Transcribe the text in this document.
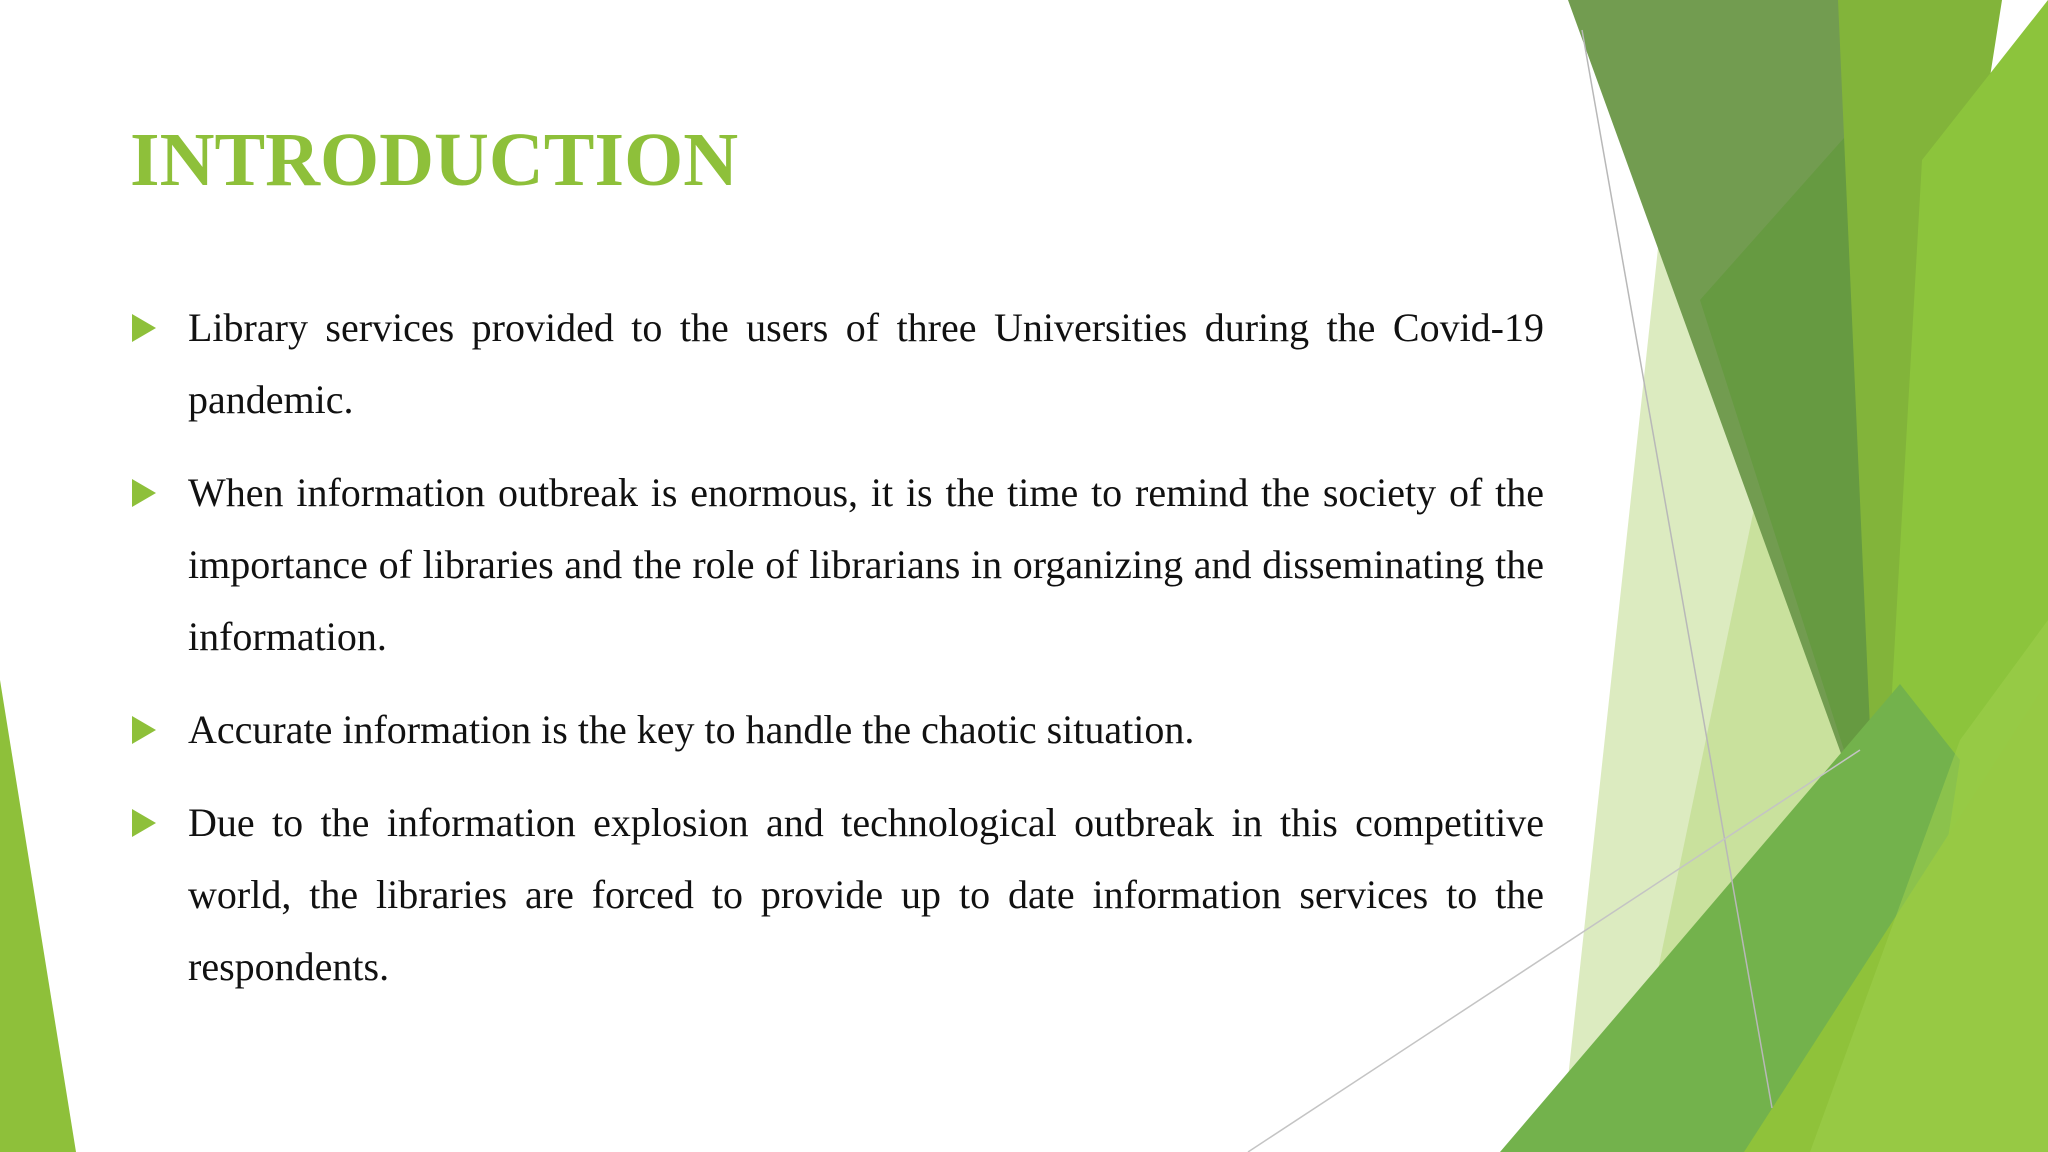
INTRODUCTION
Library services provided to the users of three Universities during the Covid-19 pandemic.
When information outbreak is enormous, it is the time to remind the society of the importance of libraries and the role of librarians in organizing and disseminating the information.
Accurate information is the key to handle the chaotic situation.
Due to the information explosion and technological outbreak in this competitive world, the libraries are forced to provide up to date information services to the respondents.
